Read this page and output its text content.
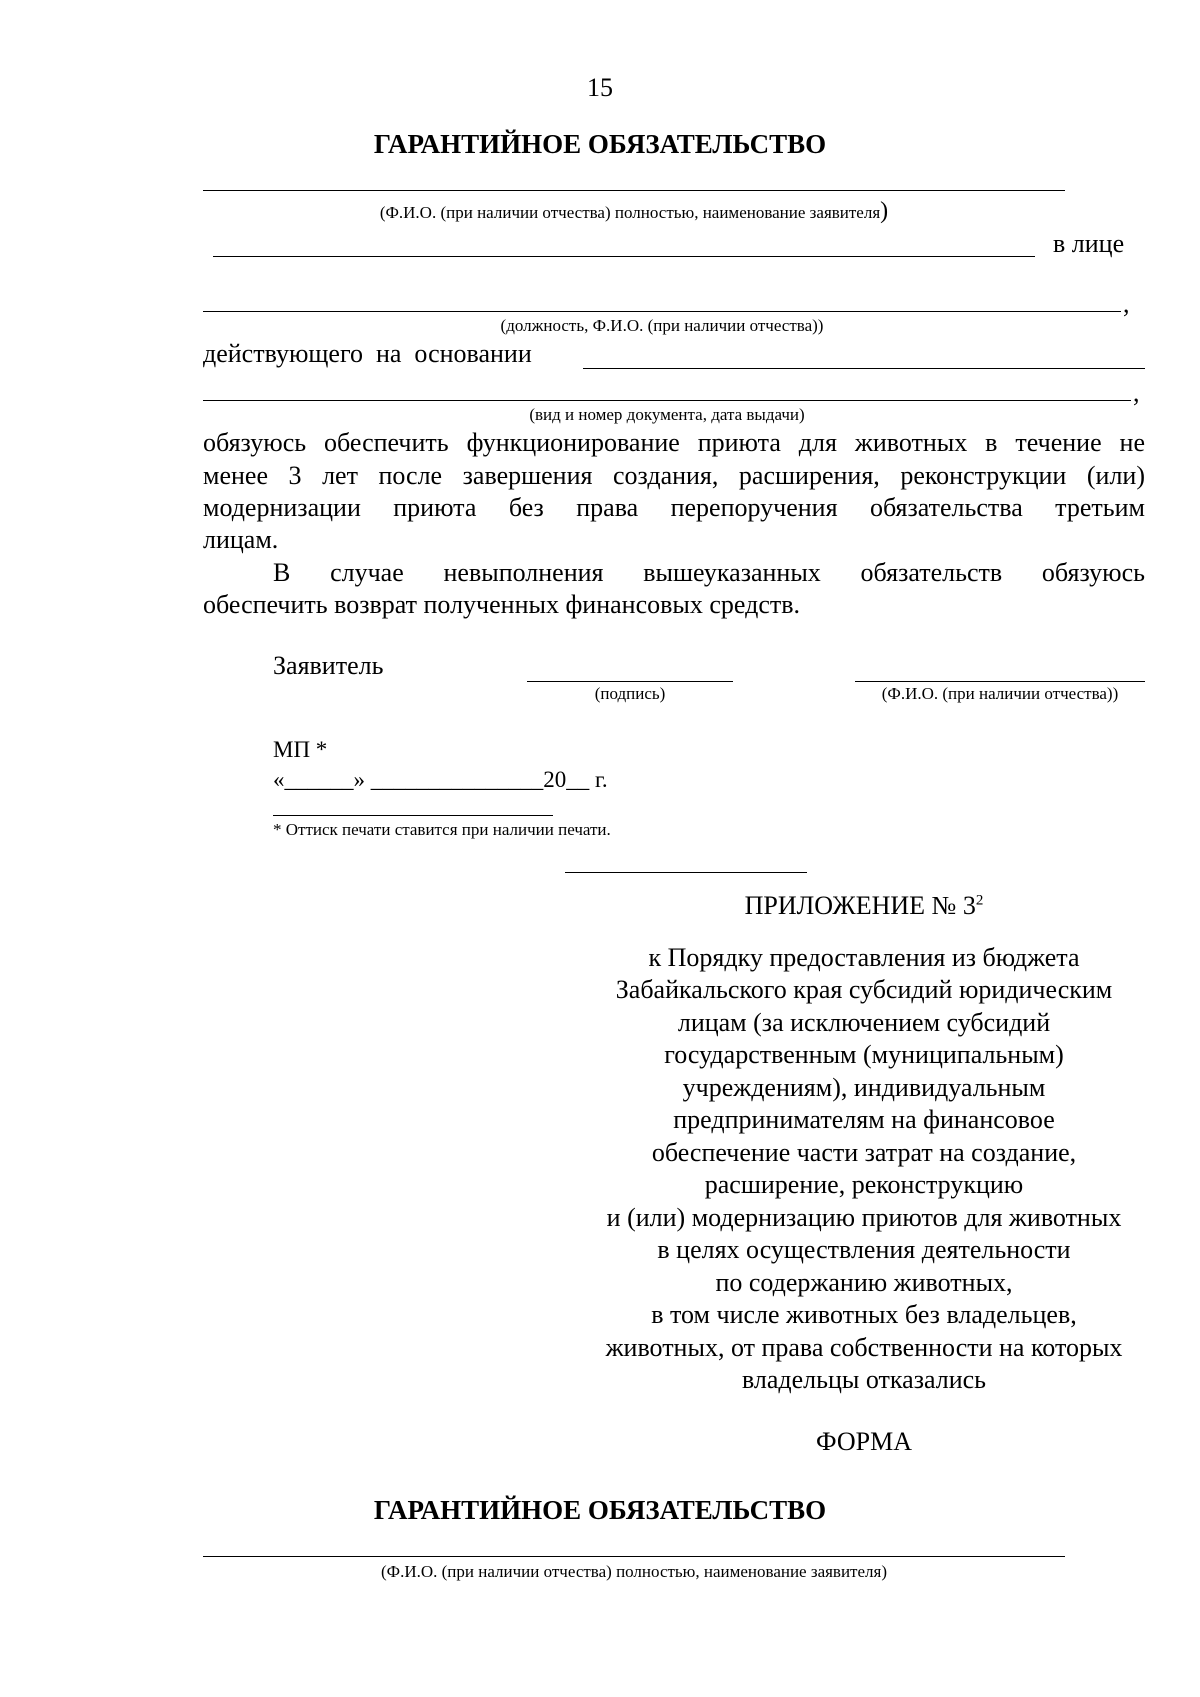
15
ГАРАНТИЙНОЕ ОБЯЗАТЕЛЬСТВО
(Ф.И.О. (при наличии отчества) полностью, наименование заявителя)
в лице
,
(должность, Ф.И.О. (при наличии отчества))
действующего  на  основании
,
(вид и номер документа, дата выдачи)
обязуюсь обеспечить функционирование приюта для животных в течение не
менее 3 лет после завершения создания, расширения, реконструкции (или)
модернизации приюта без права перепоручения обязательства третьим
лицам.
В случае невыполнения вышеуказанных обязательств обязуюсь
обеспечить возврат полученных финансовых средств.
Заявитель
(подпись)	(Ф.И.О. (при наличии отчества))
МП *
«______» _______________20__ г.
* Оттиск печати ставится при наличии печати.
ПРИЛОЖЕНИЕ № $3^2$
к Порядку предоставления из бюджета
Забайкальского края субсидий юридическим
лицам (за исключением субсидий
государственным (муниципальным)
учреждениям), индивидуальным
предпринимателям на финансовое
обеспечение части затрат на создание,
расширение, реконструкцию
и (или) модернизацию приютов для животных
в целях осуществления деятельности
по содержанию животных,
в том числе животных без владельцев,
животных, от права собственности на которых
владельцы отказались
ФОРМА
ГАРАНТИЙНОЕ ОБЯЗАТЕЛЬСТВО
(Ф.И.О. (при наличии отчества) полностью, наименование заявителя)
